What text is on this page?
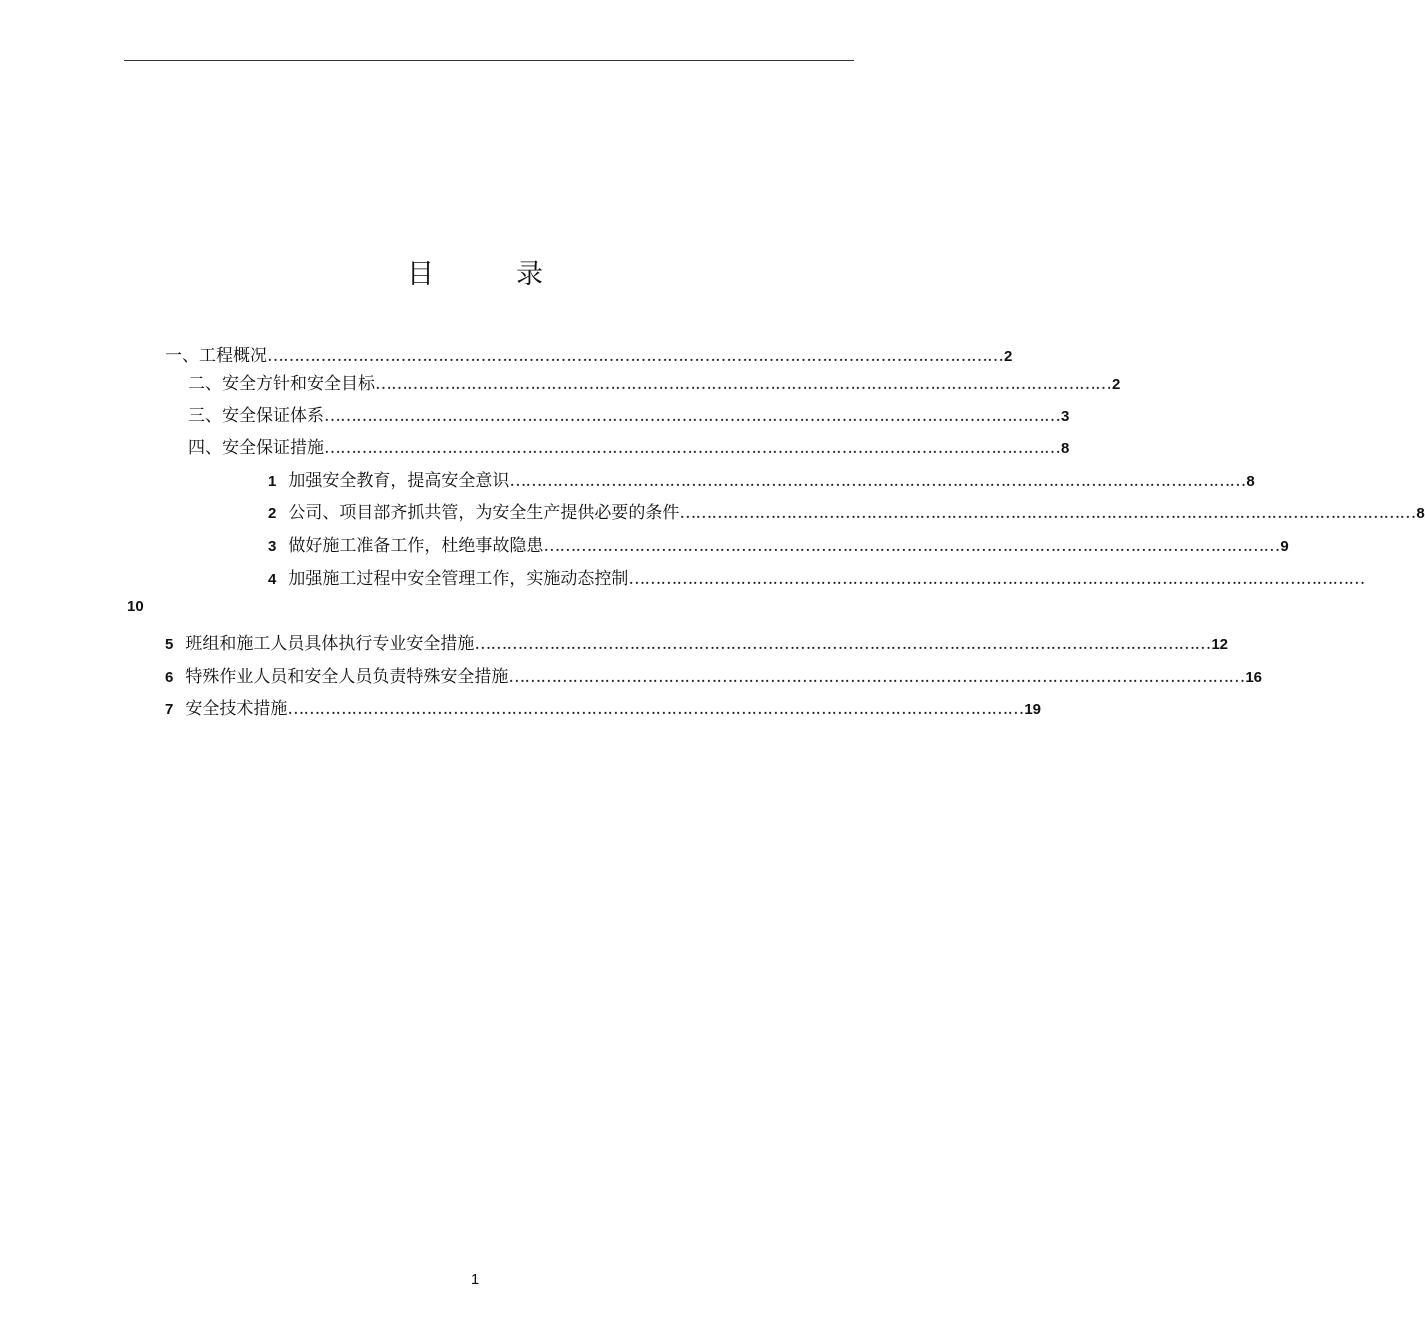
目	录
一、工程概况 ………………………………………………………………………………………………………………………… 2
二、安全方针和安全目标 ………………………………………………………………………………………………………………………… 2
三、安全保证体系 ………………………………………………………………………………………………………………………… 3
四、安全保证措施 ………………………………………………………………………………………………………………………… 8
1 加强安全教育，提高安全意识 ………………………………………………………………………………………………………………………… 8
2 公司、项目部齐抓共管，为安全生产提供必要的条件 ………………………………………………………………………………………………………………………… 8
3 做好施工准备工作，杜绝事故隐患 ………………………………………………………………………………………………………………………… 9
4 加强施工过程中安全管理工作，实施动态控制 …………………………………………………………………………………………………………………………
10
5 班组和施工人员具体执行专业安全措施 ………………………………………………………………………………………………………………………… 12
6 特殊作业人员和安全人员负责特殊安全措施 ………………………………………………………………………………………………………………………… 16
7 安全技术措施 ………………………………………………………………………………………………………………………… 19
1
